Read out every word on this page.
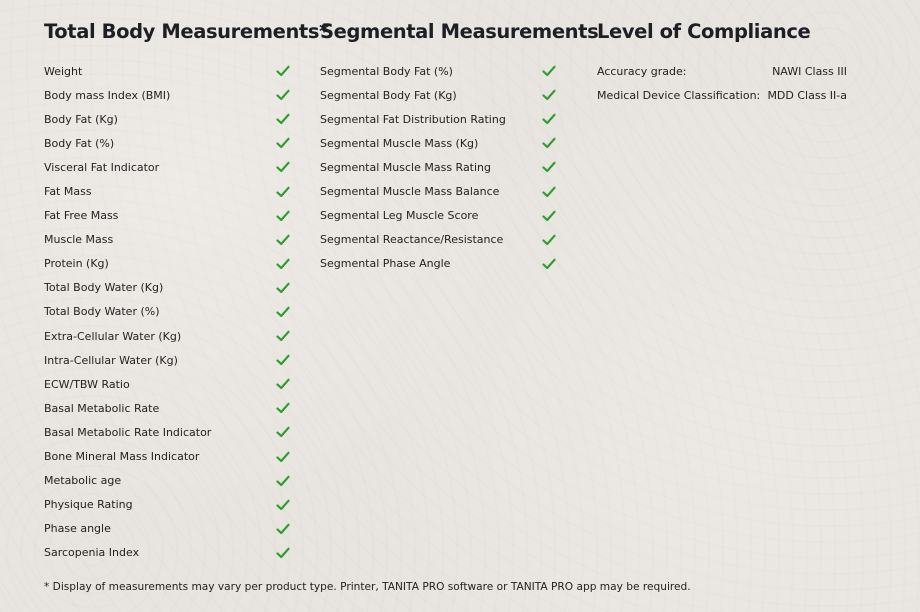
Total Body Measurements*
Weight
Body mass Index (BMI)
Body Fat (Kg)
Body Fat (%)
Visceral Fat Indicator
Fat Mass
Fat Free Mass
Muscle Mass
Protein (Kg)
Total Body Water (Kg)
Total Body Water (%)
Extra-Cellular Water (Kg)
Intra-Cellular Water (Kg)
ECW/TBW Ratio
Basal Metabolic Rate
Basal Metabolic Rate Indicator
Bone Mineral Mass Indicator
Metabolic age
Physique Rating
Phase angle
Sarcopenia Index
Segmental Measurements
Segmental Body Fat (%)
Segmental Body Fat (Kg)
Segmental Fat Distribution Rating
Segmental Muscle Mass (Kg)
Segmental Muscle Mass Rating
Segmental Muscle Mass Balance
Segmental Leg Muscle Score
Segmental Reactance/Resistance
Segmental Phase Angle
Level of Compliance
Accuracy grade:	NAWI Class III
Medical Device Classification: MDD Class II-a
* Display of measurements may vary per product type. Printer, TANITA PRO software or TANITA PRO app may be required.
